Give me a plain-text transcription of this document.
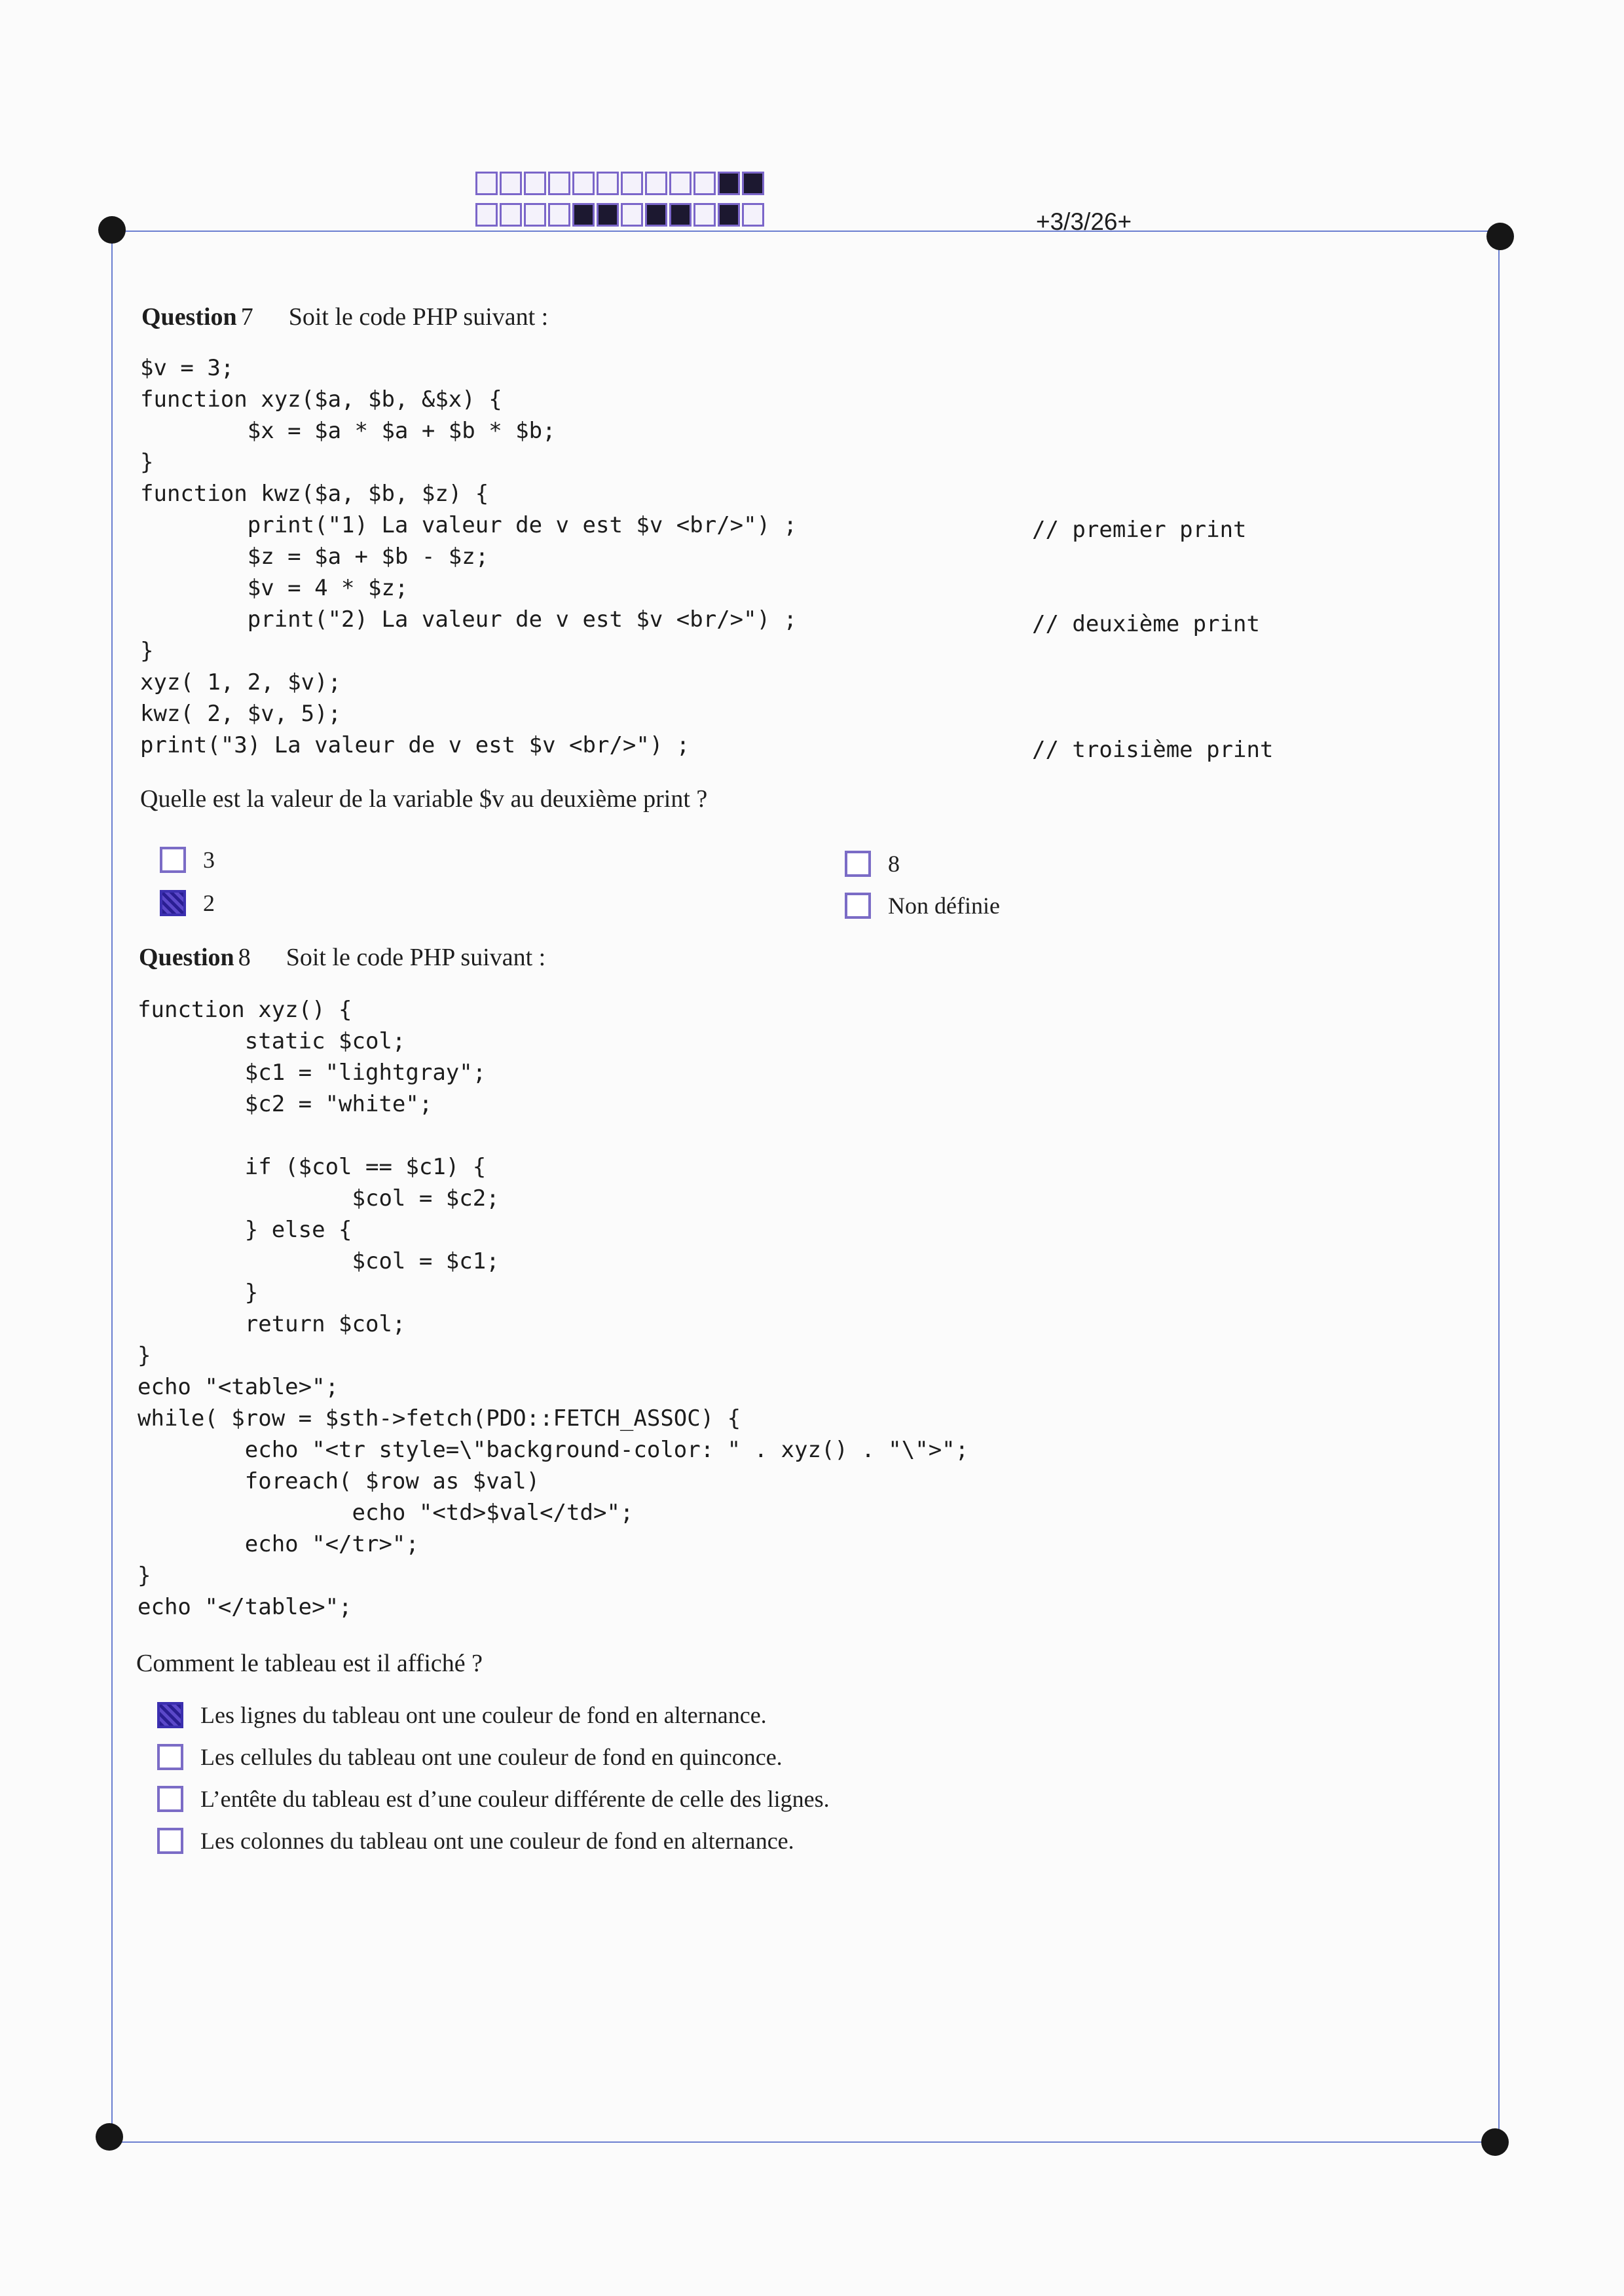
+3/3/26+
Question 7 Soit le code PHP suivant :
$v = 3;
function xyz($a, $b, &$x) {
$x = $a * $a + $b * $b;
}
function kwz($a, $b, $z) {
print("1) La valeur de v est $v <br/>") ;
$z = $a + $b - $z;
$v = 4 * $z;
print("2) La valeur de v est $v <br/>") ;
}
xyz( 1, 2, $v);
kwz( 2, $v, 5);
print("3) La valeur de v est $v <br/>") ;
// premier print
// deuxième print
// troisième print
Quelle est la valeur de la variable $v au deuxième print ?
3
2
8
Non définie
Question 8 Soit le code PHP suivant :
function xyz() {
static $col;
$c1 = "lightgray";
$c2 = "white";

if ($col == $c1) {
$col = $c2;
} else {
$col = $c1;
}
return $col;
}
echo "<table>";
while( $row = $sth->fetch(PDO::FETCH_ASSOC) {
echo "<tr style=\"background-color: " . xyz() . "\">";
foreach( $row as $val)
echo "<td>$val</td>";
echo "</tr>";
}
echo "</table>";
Comment le tableau est il affiché ?
Les lignes du tableau ont une couleur de fond en alternance.
Les cellules du tableau ont une couleur de fond en quinconce.
L’entête du tableau est d’une couleur différente de celle des lignes.
Les colonnes du tableau ont une couleur de fond en alternance.
